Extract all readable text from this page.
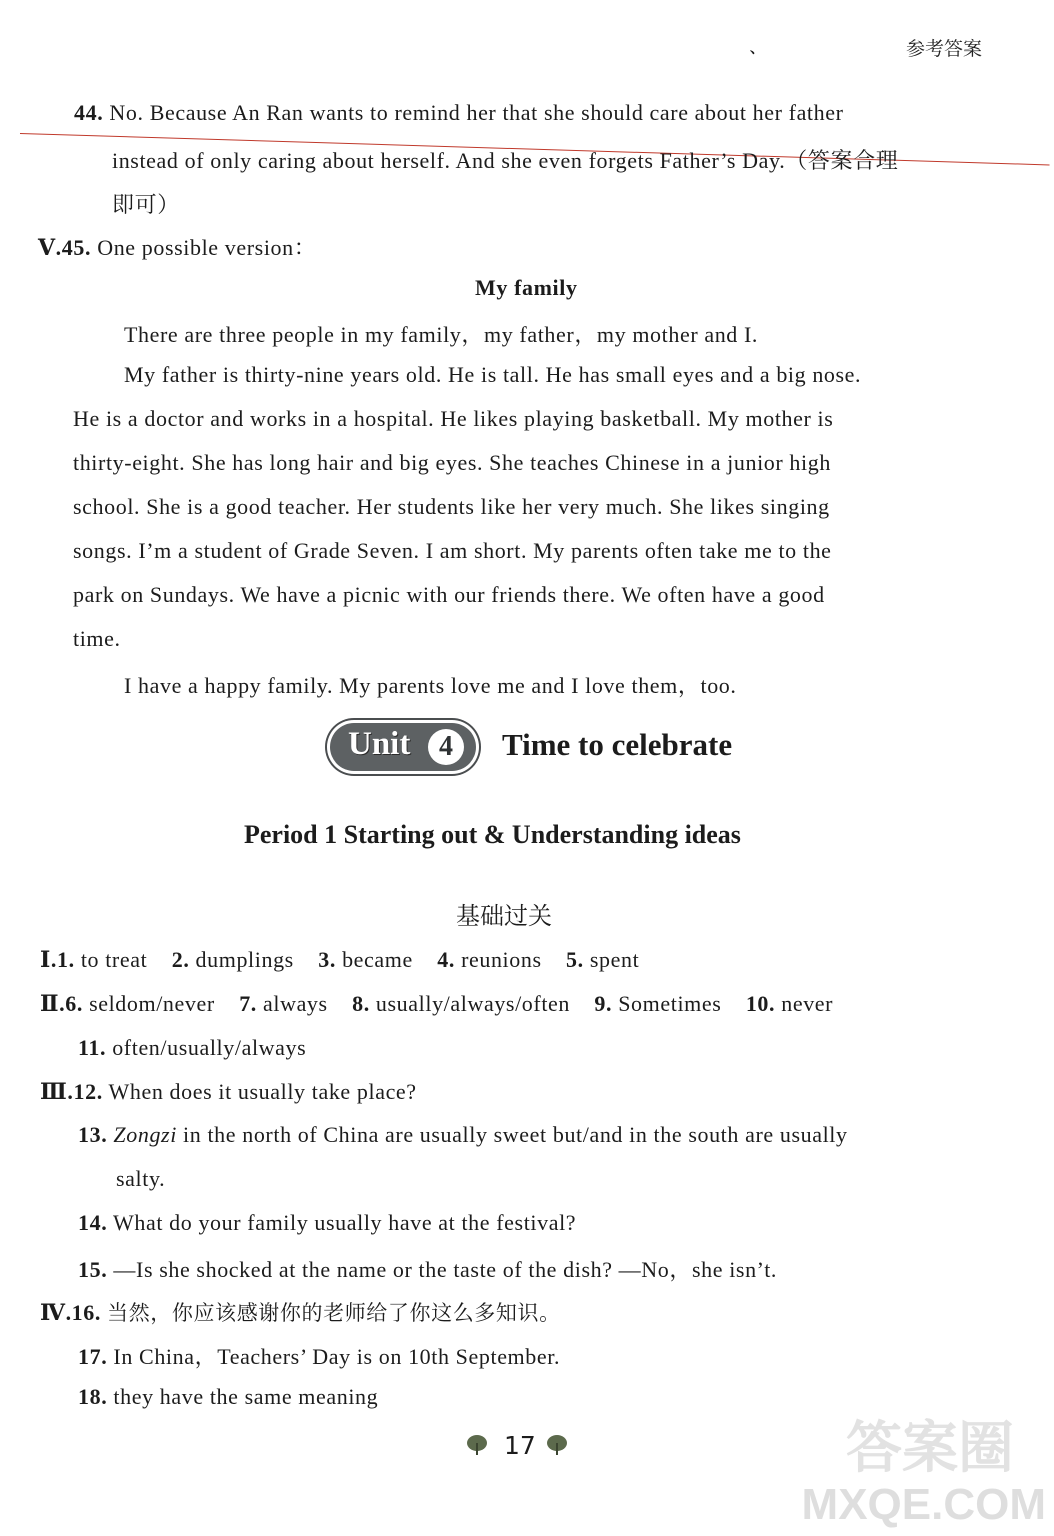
、	参考答案
44. No. Because An Ran wants to remind her that she should care about her father
instead of only caring about herself. And she even forgets Father’s Day.（答案合理
即可）
Ⅴ.45. One possible version：
My family
There are three people in my family，my father，my mother and I.
My father is thirty-nine years old. He is tall. He has small eyes and a big nose.
He is a doctor and works in a hospital. He likes playing basketball. My mother is
thirty-eight. She has long hair and big eyes. She teaches Chinese in a junior high
school. She is a good teacher. Her students like her very much. She likes singing
songs. I’m a student of Grade Seven. I am short. My parents often take me to the
park on Sundays. We have a picnic with our friends there. We often have a good
time.
I have a happy family. My parents love me and I love them，too.
Unit	4	Time to celebrate
Period 1 Starting out & Understanding ideas
基础过关
Ⅰ.1. to treat 2. dumplings 3. became 4. reunions 5. spent
Ⅱ.6. seldom/never 7. always 8. usually/always/often 9. Sometimes 10. never
11. often/usually/always
Ⅲ.12. When does it usually take place?
13. Zongzi in the north of China are usually sweet but/and in the south are usually
salty.
14. What do your family usually have at the festival?
15. —Is she shocked at the name or the taste of the dish? —No，she isn’t.
Ⅳ.16. 当然，你应该感谢你的老师给了你这么多知识。
17. In China，Teachers’ Day is on 10th September.
18. they have the same meaning
17	答案圈
MXQE.COM
